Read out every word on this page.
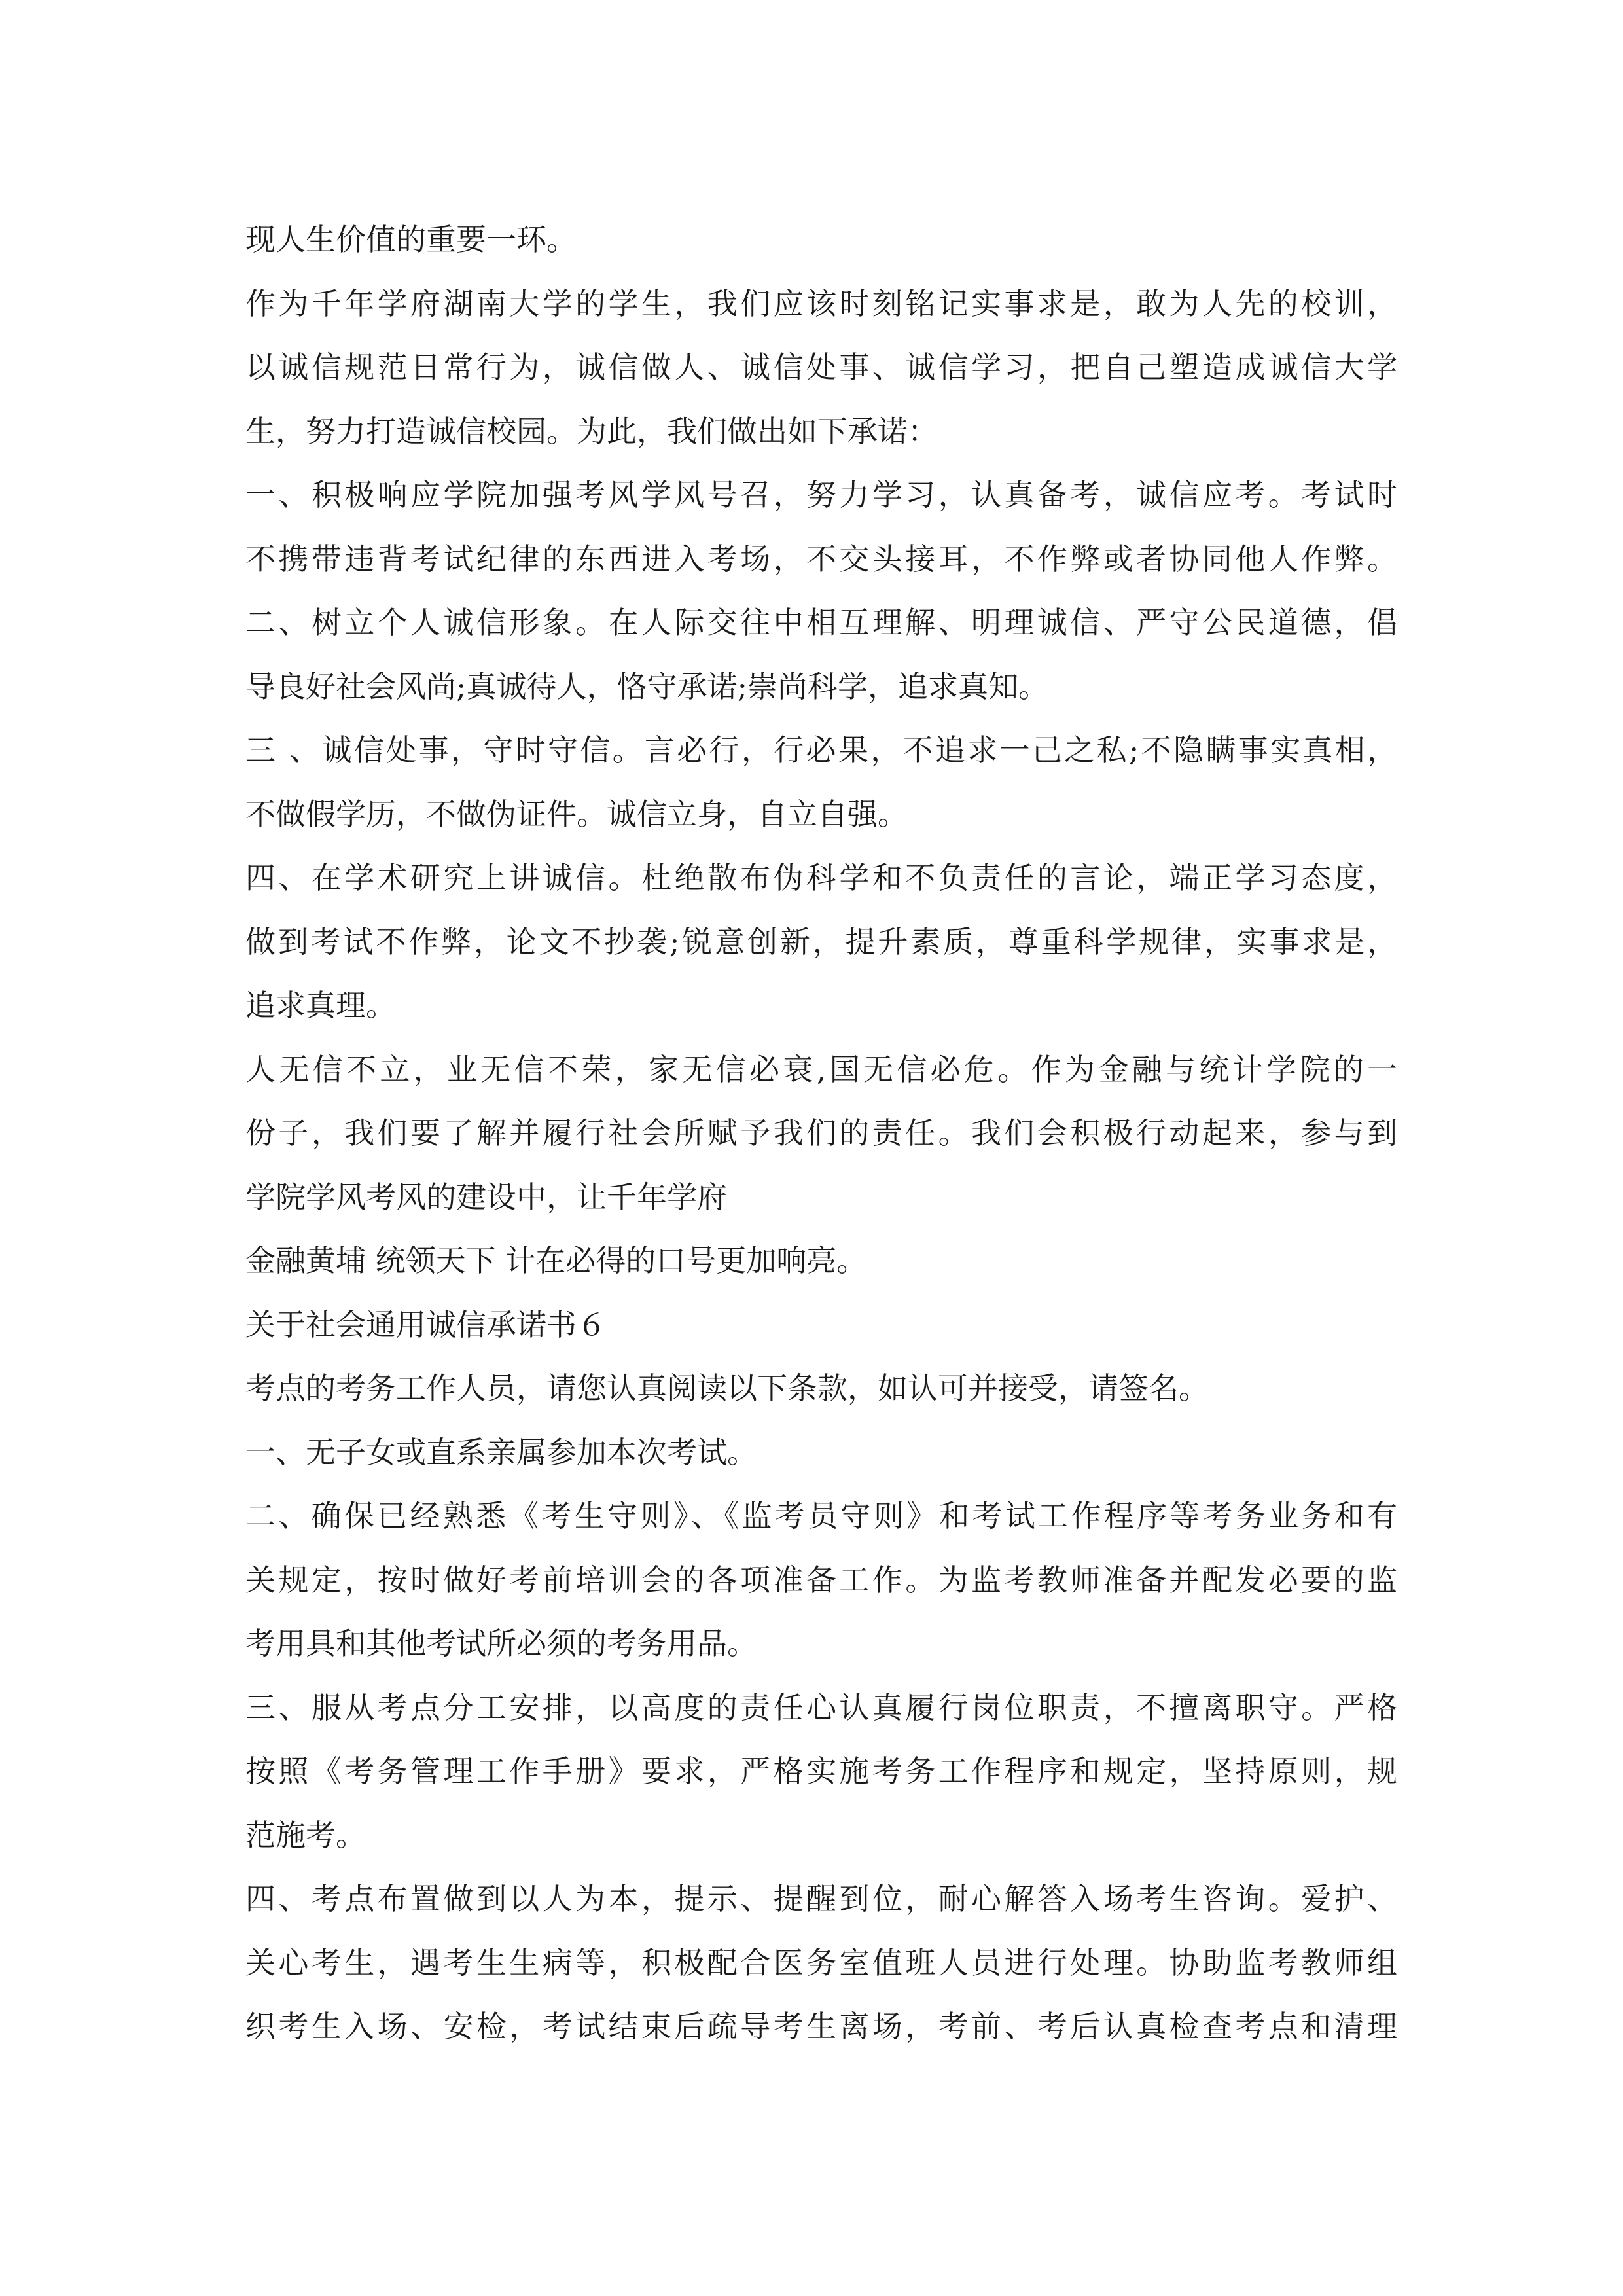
现人生价值的重要一环。
作为千年学府湖南大学的学生，我们应该时刻铭记实事求是，敢为人先的校训，
以诚信规范日常行为，诚信做人、诚信处事、诚信学习，把自己塑造成诚信大学
生，努力打造诚信校园。为此，我们做出如下承诺：
一、积极响应学院加强考风学风号召，努力学习，认真备考，诚信应考。考试时
不携带违背考试纪律的东西进入考场，不交头接耳，不作弊或者协同他人作弊。
二、树立个人诚信形象。在人际交往中相互理解、明理诚信、严守公民道德，倡
导良好社会风尚;真诚待人，恪守承诺;崇尚科学，追求真知。
三 、诚信处事，守时守信。言必行，行必果，不追求一己之私;不隐瞒事实真相，
不做假学历，不做伪证件。诚信立身，自立自强。
四、在学术研究上讲诚信。杜绝散布伪科学和不负责任的言论，端正学习态度，
做到考试不作弊，论文不抄袭;锐意创新，提升素质，尊重科学规律，实事求是，
追求真理。
人无信不立，业无信不荣，家无信必衰,国无信必危。作为金融与统计学院的一
份子，我们要了解并履行社会所赋予我们的责任。我们会积极行动起来，参与到
学院学风考风的建设中，让千年学府
金融黄埔 统领天下 计在必得的口号更加响亮。
关于社会通用诚信承诺书６
考点的考务工作人员，请您认真阅读以下条款，如认可并接受，请签名。
一、无子女或直系亲属参加本次考试。
二、确保已经熟悉《考生守则》、《监考员守则》和考试工作程序等考务业务和有
关规定，按时做好考前培训会的各项准备工作。为监考教师准备并配发必要的监
考用具和其他考试所必须的考务用品。
三、服从考点分工安排，以高度的责任心认真履行岗位职责，不擅离职守。严格
按照《考务管理工作手册》要求，严格实施考务工作程序和规定，坚持原则，规
范施考。
四、考点布置做到以人为本，提示、提醒到位，耐心解答入场考生咨询。爱护、
关心考生，遇考生生病等，积极配合医务室值班人员进行处理。协助监考教师组
织考生入场、安检，考试结束后疏导考生离场，考前、考后认真检查考点和清理
